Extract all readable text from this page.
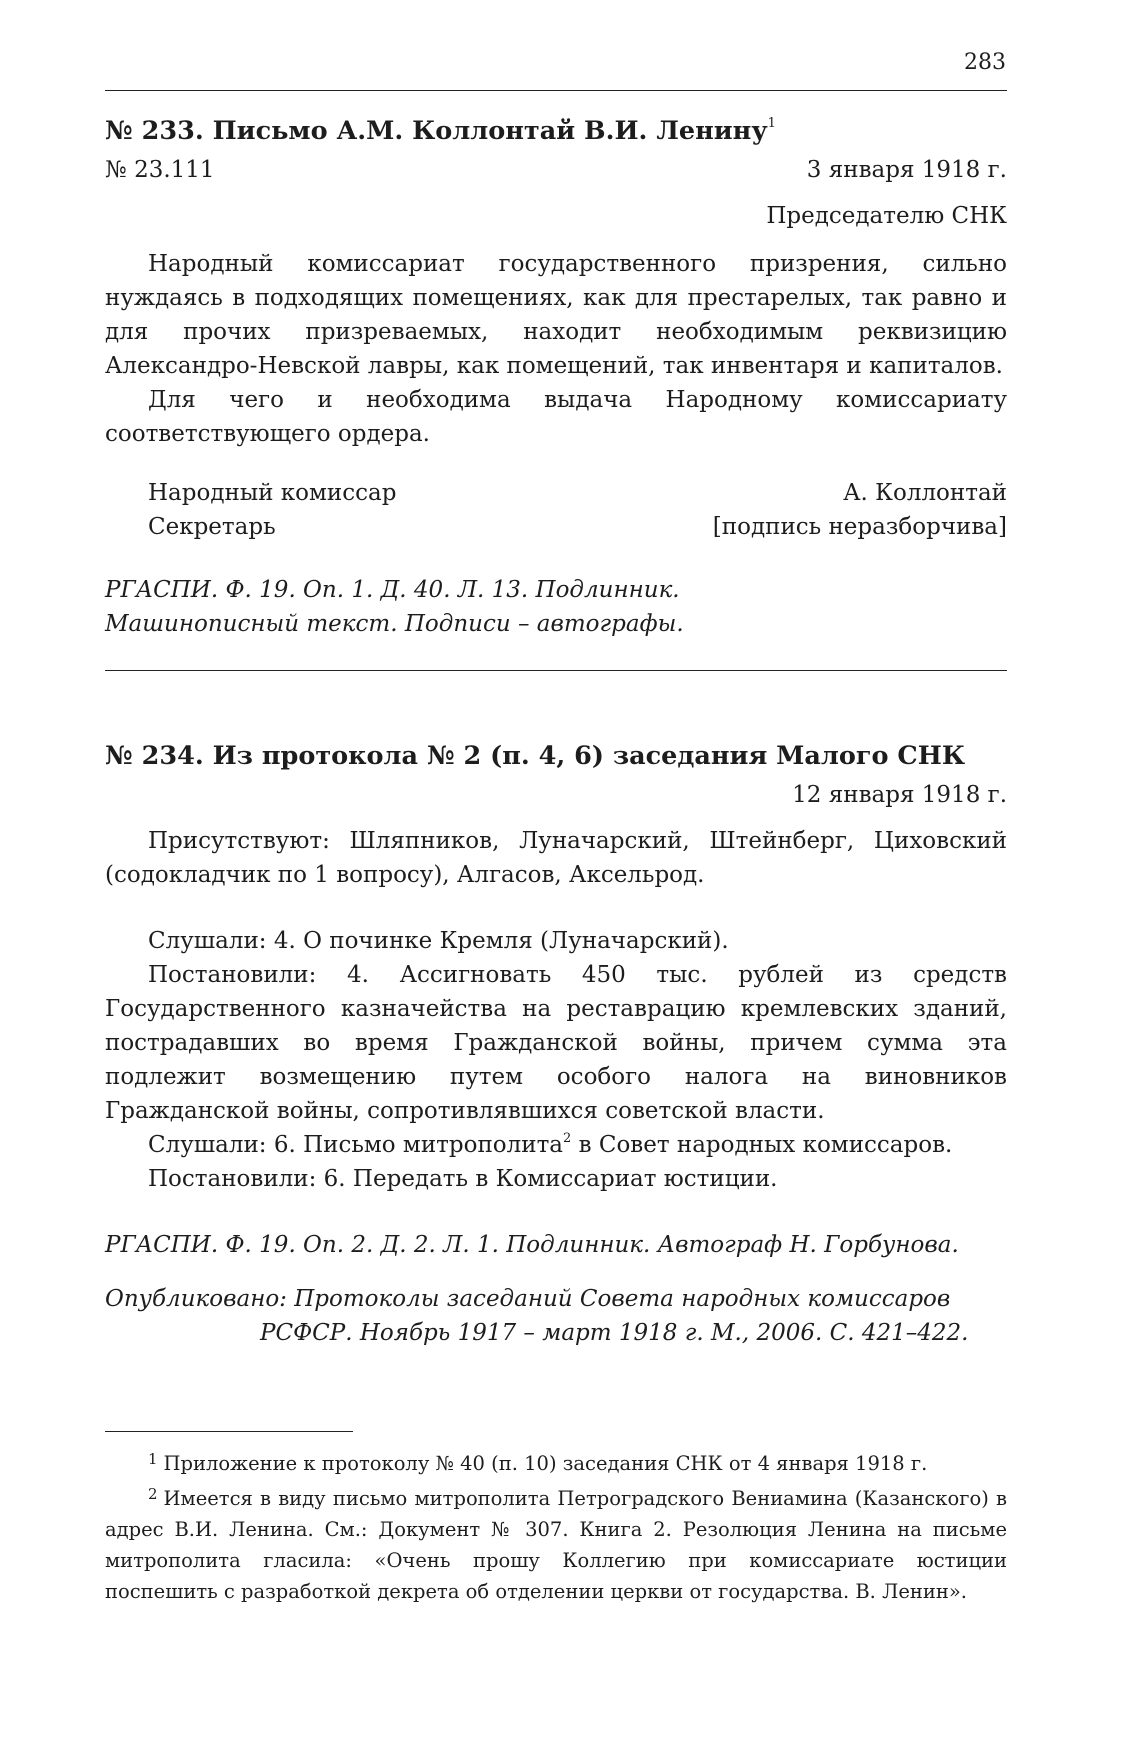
283
№ 233. Письмо А.М. Коллонтай В.И. Ленину$^1$
№ 23.111	3 января 1918 г.
Председателю СНК

Народный комиссариат государственного призрения, сильно нуждаясь в подходящих помещениях, как для престарелых, так равно и для прочих призреваемых, находит необходимым реквизицию Александро-Невской лавры, как помещений, так инвентаря и капиталов.

Для чего и необходима выдача Народному комиссариату соответствующего ордера.

Народный комиссар	А. Коллонтай
Секретарь	[подпись неразборчива]
РГАСПИ. Ф. 19. Оп. 1. Д. 40. Л. 13. Подлинник.
Машинописный текст. Подписи – автографы.
№ 234. Из протокола № 2 (п. 4, 6) заседания Малого СНК
12 января 1918 г.

Присутствуют: Шляпников, Луначарский, Штейнберг, Циховский (содокладчик по 1 вопросу), Алгасов, Аксельрод.

Слушали: 4. О починке Кремля (Луначарский).

Постановили: 4. Ассигновать 450 тыс. рублей из средств Государственного казначейства на реставрацию кремлевских зданий, пострадавших во время Гражданской войны, причем сумма эта подлежит возмещению путем особого налога на виновников Гражданской войны, сопротивлявшихся советской власти.

Слушали: 6. Письмо митрополита$^2$ в Совет народных комиссаров.

Постановили: 6. Передать в Комиссариат юстиции.

РГАСПИ. Ф. 19. Оп. 2. Д. 2. Л. 1. Подлинник. Автограф Н. Горбунова.
Опубликовано: Протоколы заседаний Совета народных комиссаров
РСФСР. Ноябрь 1917 – март 1918 г. М., 2006. С. 421–422.

$^1$ Приложение к протоколу № 40 (п. 10) заседания СНК от 4 января 1918 г.

$^2$ Имеется в виду письмо митрополита Петроградского Вениамина (Казанского) в адрес В.И. Ленина. См.: Документ № 307. Книга 2. Резолюция Ленина на письме митрополита гласила: «Очень прошу Коллегию при комиссариате юстиции поспешить с разработкой декрета об отделении церкви от государства. В. Ленин».
